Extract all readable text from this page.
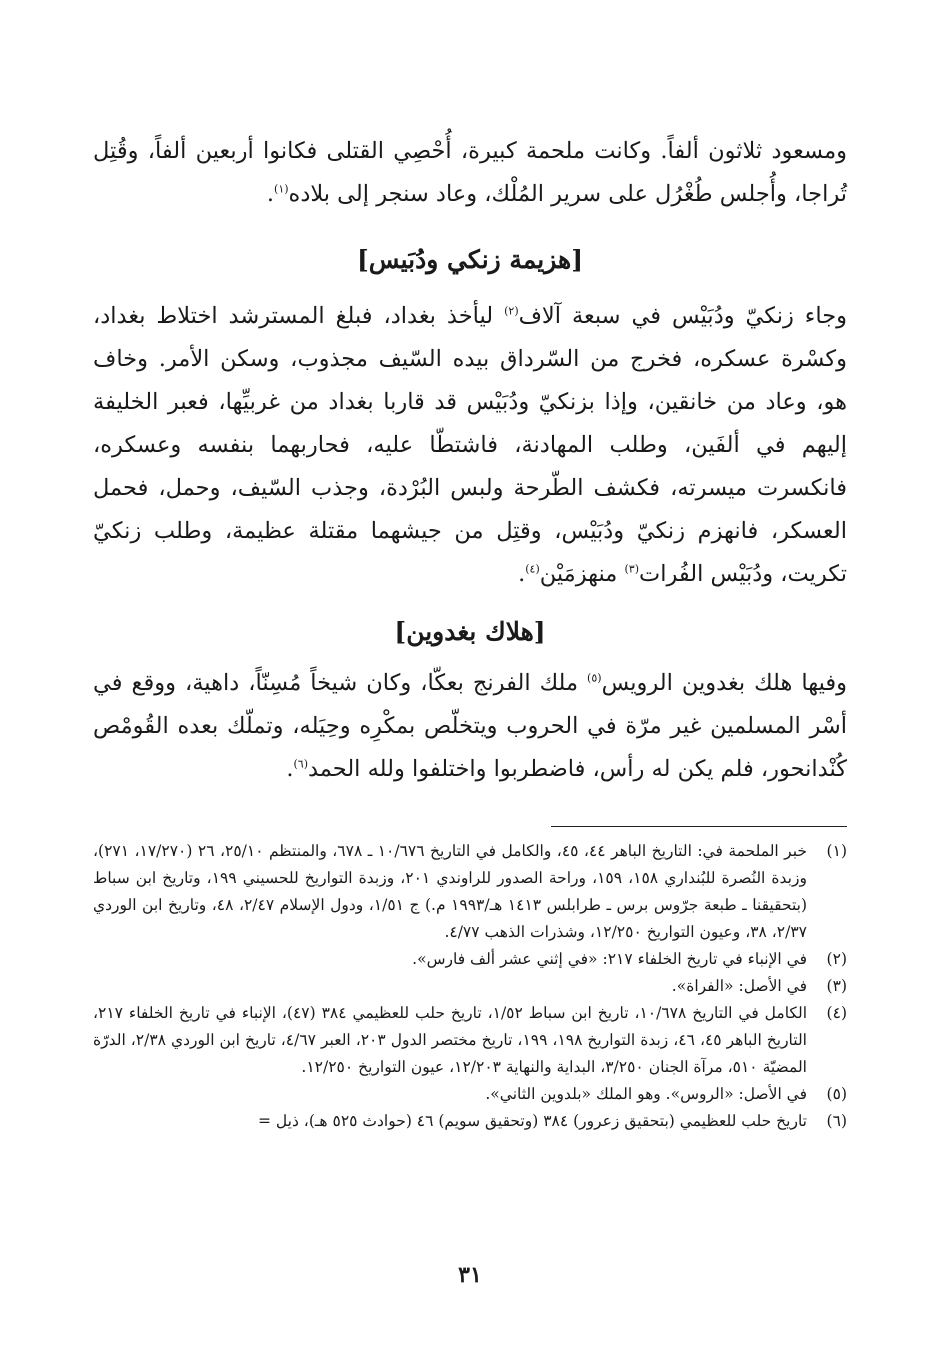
ومسعود ثلاثون ألفاً. وكانت ملحمة كبيرة، أُحْصِي القتلى فكانوا أربعين ألفاً، وقُتِل تُراجا، وأُجلس طُغْرُل على سرير المُلْك، وعاد سنجر إلى بلاده$^{(١)}$.

[هزيمة زنكي ودُبَيس]

وجاء زنكيّ ودُبَيْس في سبعة آلاف$^{(٢)}$ ليأخذ بغداد، فبلغ المسترشد اختلاط بغداد، وكسْرة عسكره، فخرج من السّرداق بيده السّيف مجذوب، وسكن الأمر. وخاف هو، وعاد من خانقين، وإذا بزنكيّ ودُبَيْس قد قاربا بغداد من غربيِّها، فعبر الخليفة إليهم في ألفَين، وطلب المهادنة، فاشتطّا عليه، فحاربهما بنفسه وعسكره، فانكسرت ميسرته، فكشف الطّرحة ولبس البُرْدة، وجذب السّيف، وحمل، فحمل العسكر، فانهزم زنكيّ ودُبَيْس، وقتِل من جيشهما مقتلة عظيمة، وطلب زنكيّ تكريت، ودُبَيْس الفُرات$^{(٣)}$ منهزمَيْن$^{(٤)}$.

[هلاك بغدوين]

وفيها هلك بغدوين الرويس$^{(٥)}$ ملك الفرنج بعكّا، وكان شيخاً مُسِنّاً، داهية، ووقع في أسْر المسلمين غير مرّة في الحروب ويتخلّص بمكْرِه وحِيَله، وتملّك بعده القُومْص كُنْدانحور، فلم يكن له رأس، فاضطربوا واختلفوا ولله الحمد$^{(٦)}$.

(١)
خبر الملحمة في: التاريخ الباهر ٤٤، ٤٥، والكامل في التاريخ ١٠/٦٧٦ ـ ٦٧٨، والمنتظم ٢٥/١٠، ٢٦ (١٧/٢٧٠، ٢٧١)، وزبدة النُصرة للبُنداري ١٥٨، ١٥٩، وراحة الصدور للراوندي ٢٠١، وزبدة التواريخ للحسيني ١٩٩، وتاريخ ابن سباط (بتحقيقنا ـ طبعة جرّوس برس ـ طرابلس ١٤١٣ هـ/١٩٩٣ م.) ج ١/٥١، ودول الإسلام ٢/٤٧، ٤٨، وتاريخ ابن الوردي ٢/٣٧، ٣٨، وعيون التواريخ ١٢/٢٥٠، وشذرات الذهب ٤/٧٧.
(٢)
في الإنباء في تاريخ الخلفاء ٢١٧: «في إثني عشر ألف فارس».
(٣)
في الأصل: «الفراة».
(٤)
الكامل في التاريخ ١٠/٦٧٨، تاريخ ابن سباط ١/٥٢، تاريخ حلب للعظيمي ٣٨٤ (٤٧)، الإنباء في تاريخ الخلفاء ٢١٧، التاريخ الباهر ٤٥، ٤٦، زبدة التواريخ ١٩٨، ١٩٩، تاريخ مختصر الدول ٢٠٣، العبر ٤/٦٧، تاريخ ابن الوردي ٢/٣٨، الدرّة المضيّة ٥١٠، مرآة الجنان ٣/٢٥٠، البداية والنهاية ١٢/٢٠٣، عيون التواريخ ١٢/٢٥٠.
(٥)
في الأصل: «الروس». وهو الملك «بلدوين الثاني».
(٦)
تاريخ حلب للعظيمي (بتحقيق زعرور) ٣٨٤ (وتحقيق سويم) ٤٦ (حوادث ٥٢٥ هـ)، ذيل =
٣١
